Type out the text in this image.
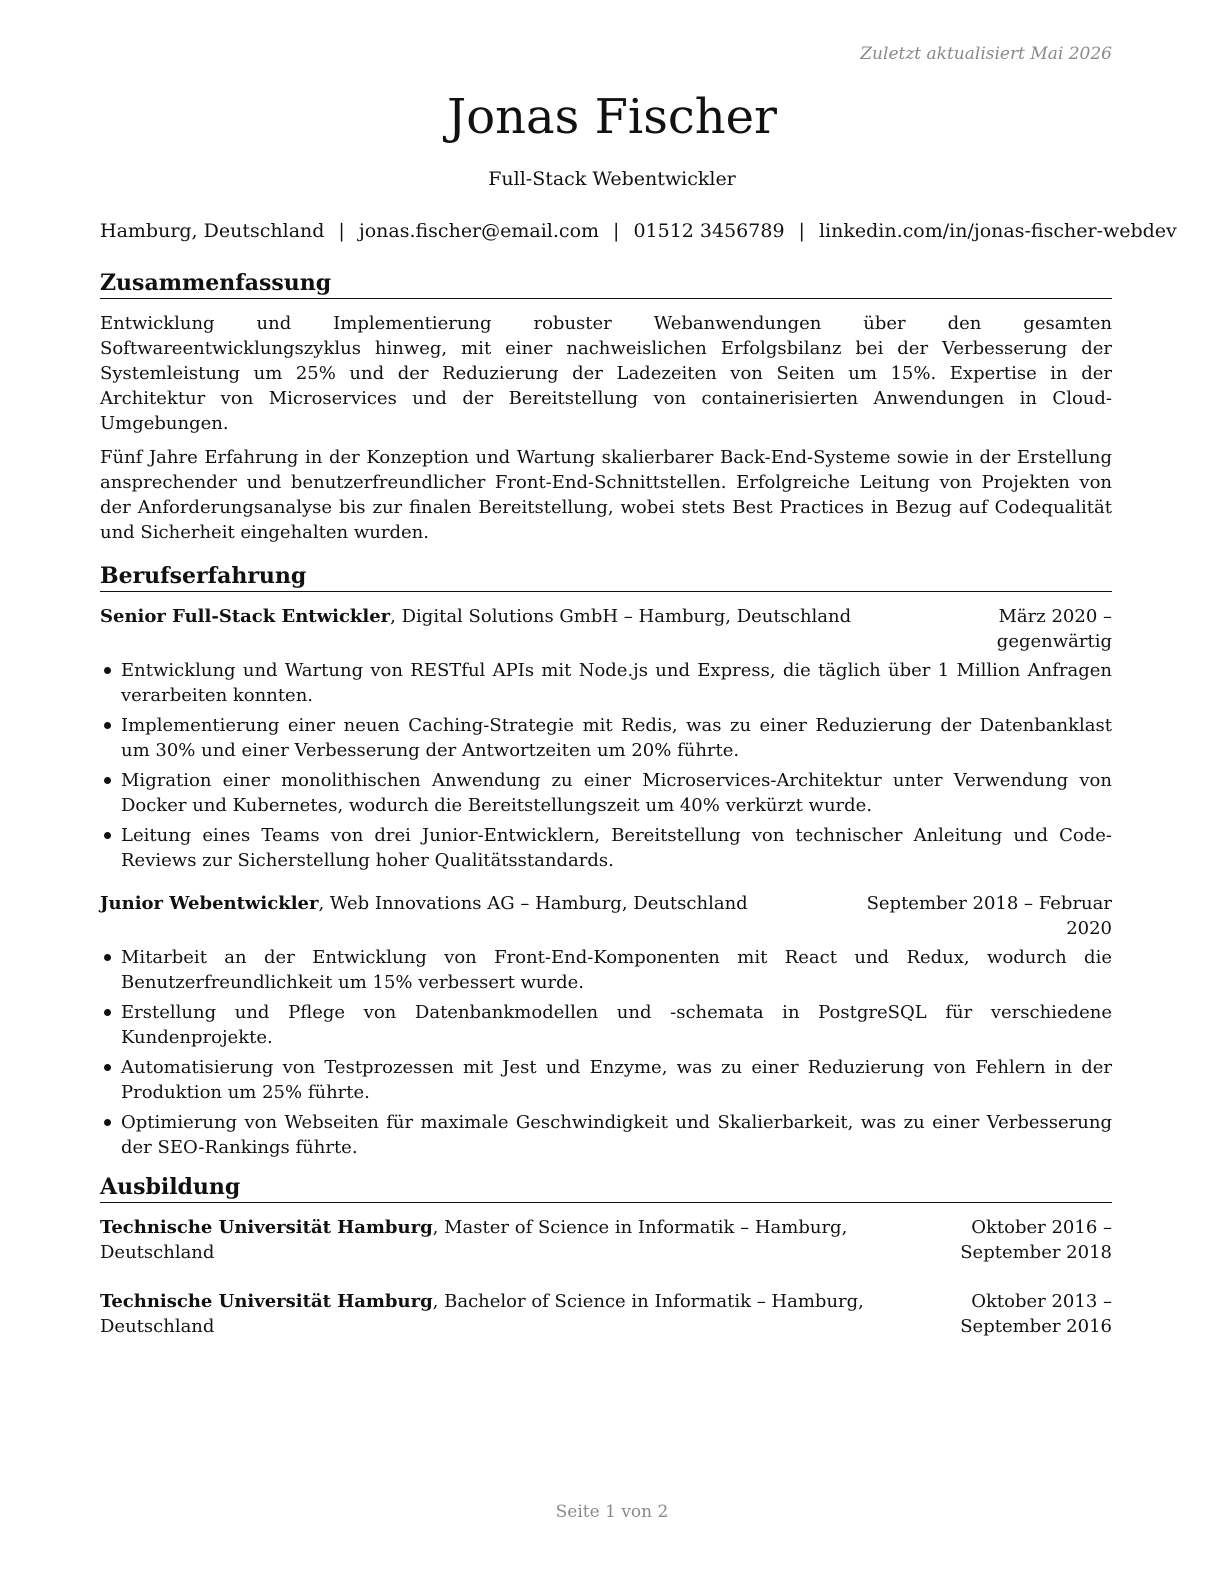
Zuletzt aktualisiert Mai 2026
Jonas Fischer
Full-Stack Webentwickler
Hamburg, Deutschland | jonas.fischer@email.com | 01512 3456789 | linkedin.com/in/jonas-fischer-webdev
Zusammenfassung

Entwicklung und Implementierung robuster Webanwendungen über den gesamten Softwareentwicklungszyklus hinweg, mit einer nachweislichen Erfolgsbilanz bei der Verbesserung der Systemleistung um 25% und der Reduzierung der Ladezeiten von Seiten um 15%. Expertise in der Architektur von Microservices und der Bereitstellung von containerisierten Anwendungen in Cloud-Umgebungen.

Fünf Jahre Erfahrung in der Konzeption und Wartung skalierbarer Back-End-Systeme sowie in der Erstellung ansprechender und benutzerfreundlicher Front-End-Schnittstellen. Erfolgreiche Leitung von Projekten von der Anforderungsanalyse bis zur finalen Bereitstellung, wobei stets Best Practices in Bezug auf Codequalität und Sicherheit eingehalten wurden.

Berufserfahrung
Senior Full-Stack Entwickler, Digital Solutions GmbH – Hamburg, Deutschland	März 2020 – gegenwärtig
Entwicklung und Wartung von RESTful APIs mit Node.js und Express, die täglich über 1 Million Anfragen verarbeiten konnten.
Implementierung einer neuen Caching-Strategie mit Redis, was zu einer Reduzierung der Datenbanklast um 30% und einer Verbesserung der Antwortzeiten um 20% führte.
Migration einer monolithischen Anwendung zu einer Microservices-Architektur unter Verwendung von Docker und Kubernetes, wodurch die Bereitstellungszeit um 40% verkürzt wurde.
Leitung eines Teams von drei Junior-Entwicklern, Bereitstellung von technischer Anleitung und Code-Reviews zur Sicherstellung hoher Qualitätsstandards.
Junior Webentwickler, Web Innovations AG – Hamburg, Deutschland	September 2018 – Februar 2020
Mitarbeit an der Entwicklung von Front-End-Komponenten mit React und Redux, wodurch die Benutzerfreundlichkeit um 15% verbessert wurde.
Erstellung und Pflege von Datenbankmodellen und -schemata in PostgreSQL für verschiedene Kundenprojekte.
Automatisierung von Testprozessen mit Jest und Enzyme, was zu einer Reduzierung von Fehlern in der Produktion um 25% führte.
Optimierung von Webseiten für maximale Geschwindigkeit und Skalierbarkeit, was zu einer Verbesserung der SEO-Rankings führte.
Ausbildung
Technische Universität Hamburg, Master of Science in Informatik – Hamburg, Deutschland
Oktober 2016 – September 2018
Technische Universität Hamburg, Bachelor of Science in Informatik – Hamburg, Deutschland
Oktober 2013 – September 2016
Seite 1 von 2
